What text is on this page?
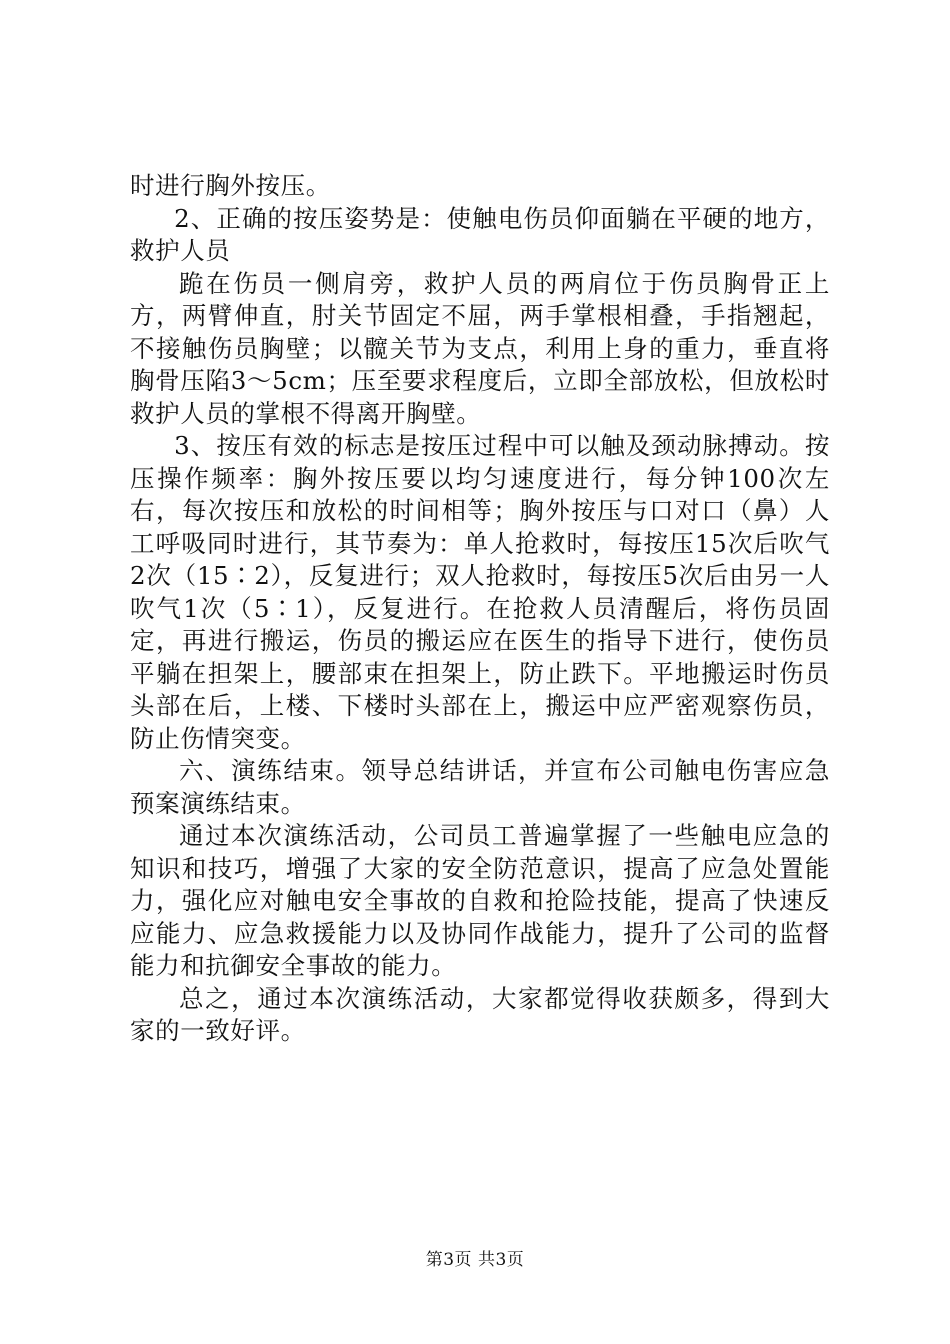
时进行胸外按压。

2、正确的按压姿势是：使触电伤员仰面躺在平硬的地方，救护人员

跪在伤员一侧肩旁，救护人员的两肩位于伤员胸骨正上方，两臂伸直，肘关节固定不屈，两手掌根相叠，手指翘起，不接触伤员胸壁；以髋关节为支点，利用上身的重力，垂直将胸骨压陷3～5cm；压至要求程度后，立即全部放松，但放松时救护人员的掌根不得离开胸壁。

3、按压有效的标志是按压过程中可以触及颈动脉搏动。按压操作频率：胸外按压要以均匀速度进行，每分钟100次左右，每次按压和放松的时间相等；胸外按压与口对口（鼻）人工呼吸同时进行，其节奏为：单人抢救时，每按压15次后吹气2次（15∶2），反复进行；双人抢救时，每按压5次后由另一人吹气1次（5∶1），反复进行。在抢救人员清醒后，将伤员固定，再进行搬运，伤员的搬运应在医生的指导下进行，使伤员平躺在担架上，腰部束在担架上，防止跌下。平地搬运时伤员头部在后，上楼、下楼时头部在上，搬运中应严密观察伤员，防止伤情突变。

六、演练结束。领导总结讲话，并宣布公司触电伤害应急预案演练结束。

通过本次演练活动，公司员工普遍掌握了一些触电应急的知识和技巧，增强了大家的安全防范意识，提高了应急处置能力，强化应对触电安全事故的自救和抢险技能，提高了快速反应能力、应急救援能力以及协同作战能力，提升了公司的监督能力和抗御安全事故的能力。

总之，通过本次演练活动，大家都觉得收获颇多，得到大家的一致好评。

第3页 共3页
